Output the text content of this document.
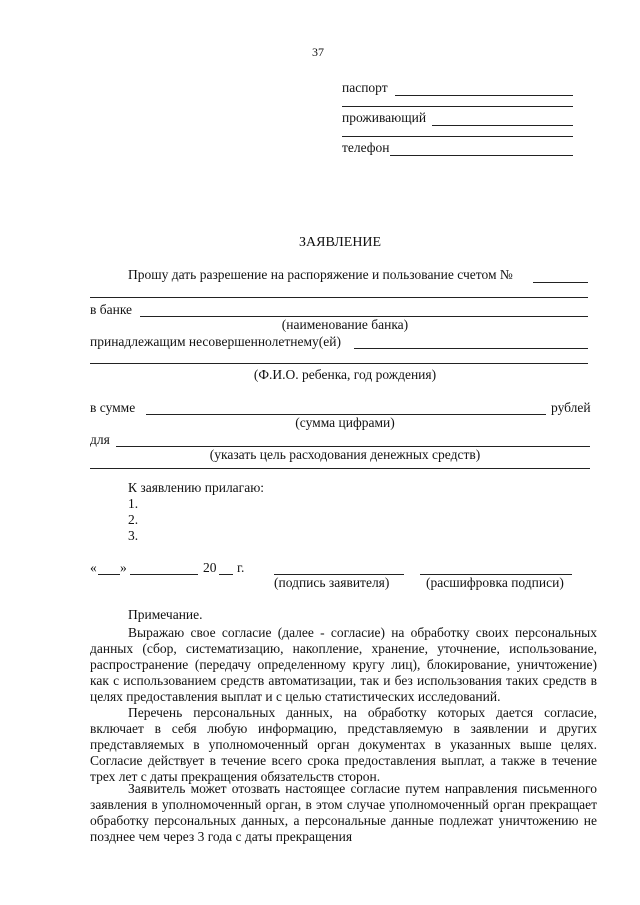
37
паспорт
проживающий
телефон
ЗАЯВЛЕНИЕ
Прошу дать разрешение на распоряжение и пользование счетом №
в банке
(наименование банка)
принадлежащим несовершеннолетнему(ей)
(Ф.И.О. ребенка, год рождения)
в сумме	рублей
(сумма цифрами)
для
(указать цель расходования денежных средств)
К заявлению прилагаю:
1.
2.
3.
« »	20 г.
(подпись заявителя)	(расшифровка подписи)
Примечание.
Выражаю свое согласие (далее - согласие) на обработку своих персональных данных (сбор, систематизацию, накопление, хранение, уточнение, использование, распространение (передачу определенному кругу лиц), блокирование, уничтожение) как с использованием средств автоматизации, так и без использования таких средств в целях предоставления выплат и с целью статистических исследований.
Перечень персональных данных, на обработку которых дается согласие, включает в себя любую информацию, представляемую в заявлении и других представляемых в уполномоченный орган документах в указанных выше целях. Согласие действует в течение всего срока предоставления выплат, а также в течение трех лет с даты прекращения обязательств сторон.
Заявитель может отозвать настоящее согласие путем направления письменного заявления в уполномоченный орган, в этом случае уполномоченный орган прекращает обработку персональных данных, а персональные данные подлежат уничтожению не позднее чем через 3 года с даты прекращения
